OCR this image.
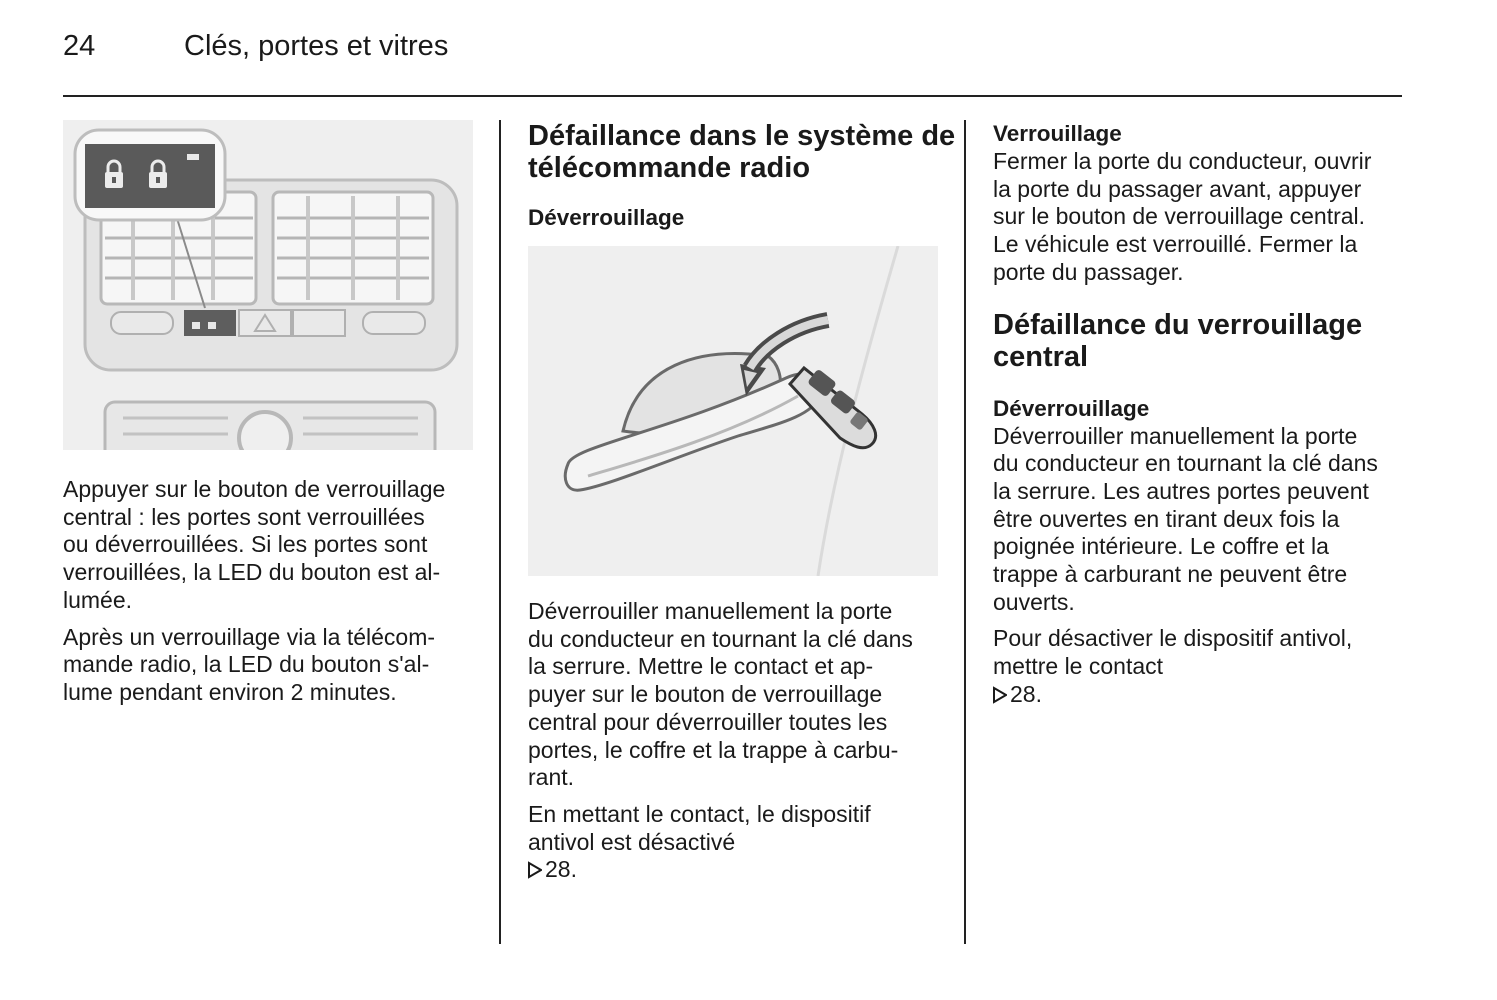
24	Clés, portes et vitres

Appuyer sur le bouton de verrouillage
central : les portes sont verrouillées
ou déverrouillées. Si les portes sont
verrouillées, la LED du bouton est al-
lumée.

Après un verrouillage via la télécom-
mande radio, la LED du bouton s'al-
lume pendant environ 2 minutes.

Défaillance dans le système de
télécommande radio
Déverrouillage

Déverrouiller manuellement la porte
du conducteur en tournant la clé dans
la serrure. Mettre le contact et ap-
puyer sur le bouton de verrouillage
central pour déverrouiller toutes les
portes, le coffre et la trappe à carbu-
rant.

En mettant le contact, le dispositif
antivol est désactivé
28.

Verrouillage

Fermer la porte du conducteur, ouvrir
la porte du passager avant, appuyer
sur le bouton de verrouillage central.
Le véhicule est verrouillé. Fermer la
porte du passager.

Défaillance du verrouillage
central
Déverrouillage

Déverrouiller manuellement la porte
du conducteur en tournant la clé dans
la serrure. Les autres portes peuvent
être ouvertes en tirant deux fois la
poignée intérieure. Le coffre et la
trappe à carburant ne peuvent être
ouverts.

Pour désactiver le dispositif antivol,
mettre le contact
28.
